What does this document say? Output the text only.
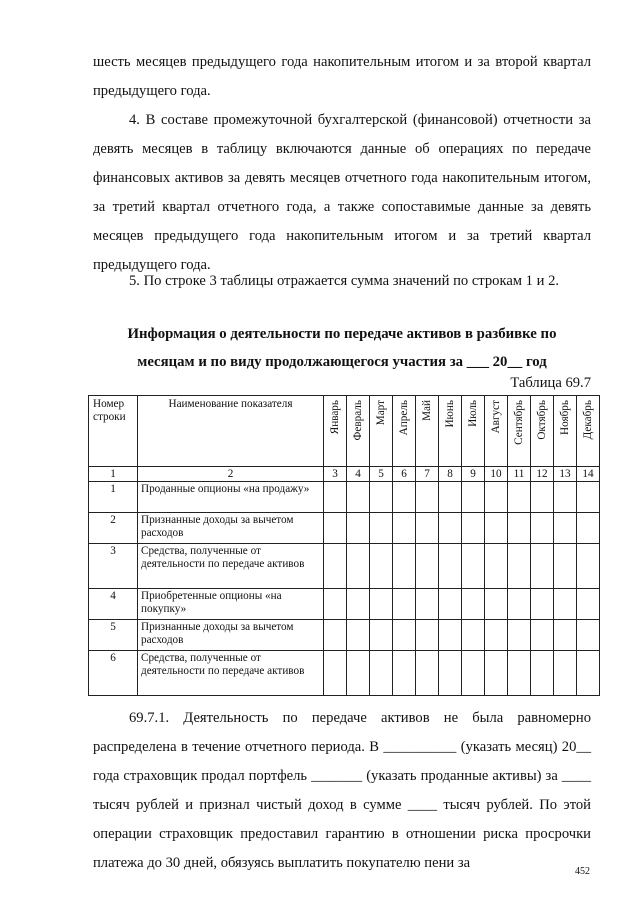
шесть месяцев предыдущего года накопительным итогом и за второй квартал предыдущего года.

4. В составе промежуточной бухгалтерской (финансовой) отчетности за девять месяцев в таблицу включаются данные об операциях по передаче финансовых активов за девять месяцев отчетного года накопительным итогом, за третий квартал отчетного года, а также сопоставимые данные за девять месяцев предыдущего года накопительным итогом и за третий квартал предыдущего года.

5. По строке 3 таблицы отражается сумма значений по строкам 1 и 2.

Информация о деятельности по передаче активов в разбивке по

месяцам и по виду продолжающегося участия за ___ 20__ год

Таблица 69.7
Номер строки	Наименование показателя	Январь	Февраль	Март	Апрель	Май	Июнь	Июль	Август	Сентябрь	Октябрь	Ноябрь	Декабрь

1	2	3	4	5	6	7	8	9	10	11	12	13	14
1	Проданные опционы «на продажу»												
2	Признанные доходы за вычетом расходов												
3	Средства, полученные от деятельности по передаче активов												
4	Приобретенные опционы «на покупку»												
5	Признанные доходы за вычетом расходов												
6	Средства, полученные от деятельности по передаче активов												

69.7.1. Деятельность по передаче активов не была равномерно распределена в течение отчетного периода. В __________ (указать месяц) 20__ года страховщик продал портфель _______ (указать проданные активы) за ____ тысяч рублей и признал чистый доход в сумме ____ тысяч рублей. По этой операции страховщик предоставил гарантию в отношении риска просрочки платежа до 30 дней, обязуясь выплатить покупателю пени за

452
